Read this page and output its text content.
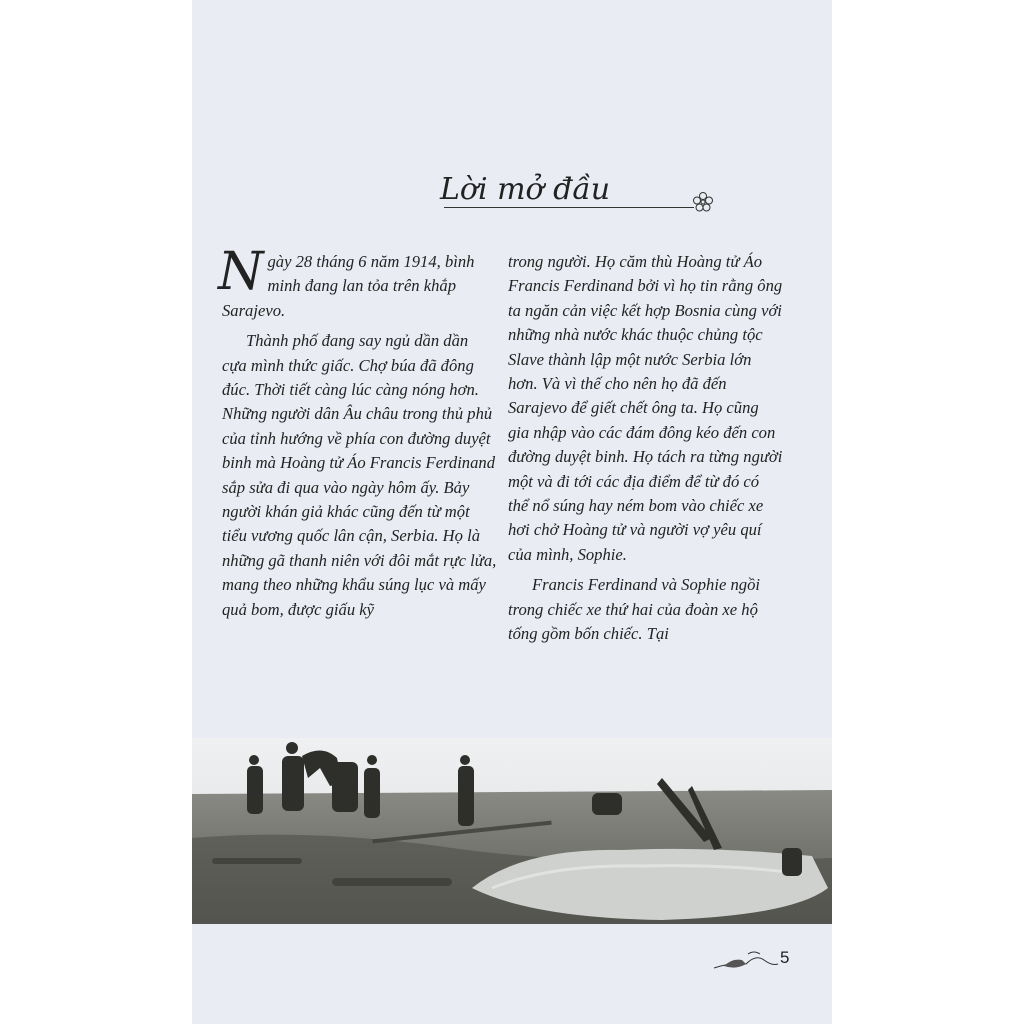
Lời mở đầu

Ngày 28 tháng 6 năm 1914, bình minh đang lan tỏa trên khắp Sarajevo.

Thành phố đang say ngủ dần dần cựa mình thức giấc. Chợ búa đã đông đúc. Thời tiết càng lúc càng nóng hơn. Những người dân Âu châu trong thủ phủ của tỉnh hướng về phía con đường duyệt binh mà Hoàng tử Áo Francis Ferdinand sắp sửa đi qua vào ngày hôm ấy. Bảy người khán giả khác cũng đến từ một tiểu vương quốc lân cận, Serbia. Họ là những gã thanh niên với đôi mắt rực lửa, mang theo những khẩu súng lục và mấy quả bom, được giấu kỹ

trong người. Họ căm thù Hoàng tử Áo Francis Ferdinand bởi vì họ tin rằng ông ta ngăn cản việc kết hợp Bosnia cùng với những nhà nước khác thuộc chủng tộc Slave thành lập một nước Serbia lớn hơn. Và vì thế cho nên họ đã đến Sarajevo để giết chết ông ta. Họ cũng gia nhập vào các đám đông kéo đến con đường duyệt binh. Họ tách ra từng người một và đi tới các địa điểm để từ đó có thể nổ súng hay ném bom vào chiếc xe hơi chở Hoàng tử và người vợ yêu quí của mình, Sophie.

Francis Ferdinand và Sophie ngồi trong chiếc xe thứ hai của đoàn xe hộ tống gồm bốn chiếc. Tại

5
